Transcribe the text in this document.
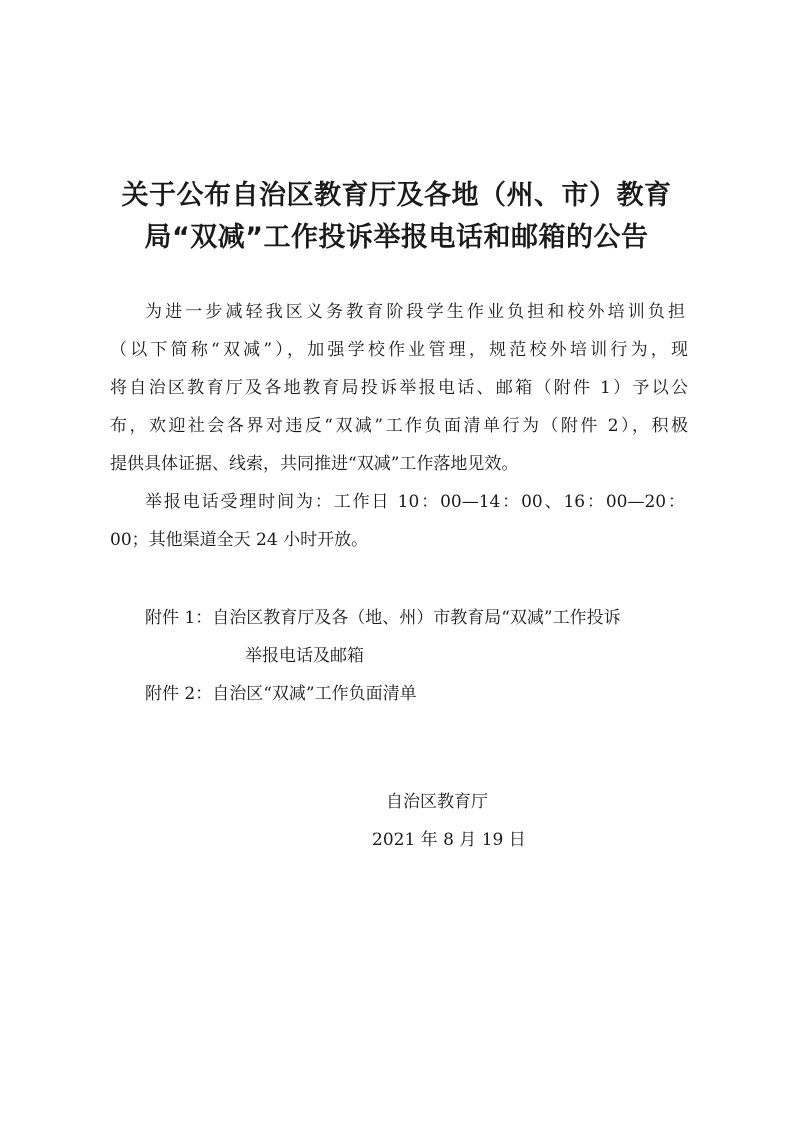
关于公布自治区教育厅及各地（州、市）教育
局“双减”工作投诉举报电话和邮箱的公告

为进一步减轻我区义务教育阶段学生作业负担和校外培训负担

（以下简称“双减”），加强学校作业管理，规范校外培训行为，现

将自治区教育厅及各地教育局投诉举报电话、邮箱（附件 1）予以公

布，欢迎社会各界对违反“双减”工作负面清单行为（附件 2），积极

提供具体证据、线索，共同推进“双减”工作落地见效。

举报电话受理时间为：工作日 10：00—14：00、16：00—20：

00；其他渠道全天 24 小时开放。

附件 1：自治区教育厅及各（地、州）市教育局“双减”工作投诉

举报电话及邮箱

附件 2：自治区“双减”工作负面清单

自治区教育厅

2021 年 8 月 19 日
